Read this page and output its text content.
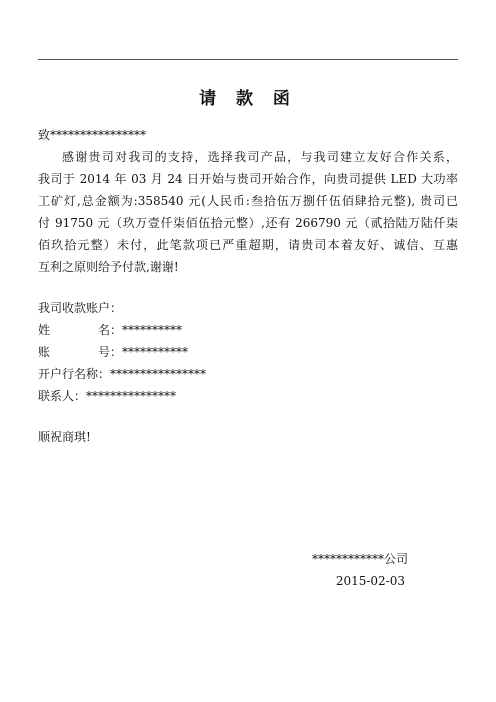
请 款 函
致****************
感谢贵司对我司的支持，选择我司产品，与我司建立友好合作关系，
我司于 2014 年 03 月 24 日开始与贵司开始合作，向贵司提供 LED 大功率
工矿灯,总金额为:358540 元(人民币:叁拾伍万捌仟伍佰肆拾元整), 贵司已
付 91750 元（玖万壹仟柒佰伍拾元整）,还有 266790 元（贰拾陆万陆仟柒
佰玖拾元整）未付，此笔款项已严重超期，请贵司本着友好、诚信、互惠
互利之原则给予付款,谢谢!
我司收款账户：
姓	名：**********
账	号：***********
开户行名称：****************
联系人：***************
顺祝商琪!
************公司
2015-02-03
